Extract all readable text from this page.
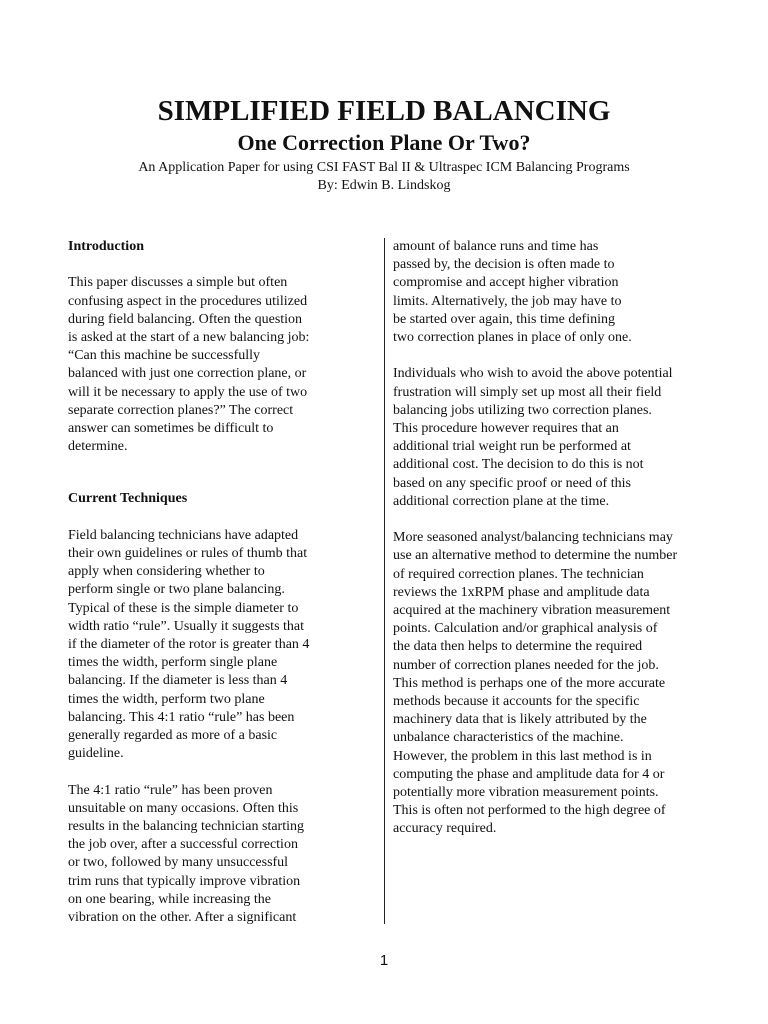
SIMPLIFIED FIELD BALANCING
One Correction Plane Or Two?

An Application Paper for using CSI FAST Bal II & Ultraspec ICM Balancing Programs

By: Edwin B. Lindskog

Introduction

This paper discusses a simple but often

confusing aspect in the procedures utilized

during field balancing. Often the question

is asked at the start of a new balancing job:

“Can this machine be successfully

balanced with just one correction plane, or

will it be necessary to apply the use of two

separate correction planes?” The correct

answer can sometimes be difficult to

determine.

Current Techniques

Field balancing technicians have adapted

their own guidelines or rules of thumb that

apply when considering whether to

perform single or two plane balancing.

Typical of these is the simple diameter to

width ratio “rule”. Usually it suggests that

if the diameter of the rotor is greater than 4

times the width, perform single plane

balancing. If the diameter is less than 4

times the width, perform two plane

balancing. This 4:1 ratio “rule” has been

generally regarded as more of a basic

guideline.

The 4:1 ratio “rule” has been proven

unsuitable on many occasions. Often this

results in the balancing technician starting

the job over, after a successful correction

or two, followed by many unsuccessful

trim runs that typically improve vibration

on one bearing, while increasing the

vibration on the other. After a significant

amount of balance runs and time has

passed by, the decision is often made to

compromise and accept higher vibration

limits. Alternatively, the job may have to

be started over again, this time defining

two correction planes in place of only one.

Individuals who wish to avoid the above potential

frustration will simply set up most all their field

balancing jobs utilizing two correction planes.

This procedure however requires that an

additional trial weight run be performed at

additional cost. The decision to do this is not

based on any specific proof or need of this

additional correction plane at the time.

More seasoned analyst/balancing technicians may

use an alternative method to determine the number

of required correction planes. The technician

reviews the 1xRPM phase and amplitude data

acquired at the machinery vibration measurement

points. Calculation and/or graphical analysis of

the data then helps to determine the required

number of correction planes needed for the job.

This method is perhaps one of the more accurate

methods because it accounts for the specific

machinery data that is likely attributed by the

unbalance characteristics of the machine.

However, the problem in this last method is in

computing the phase and amplitude data for 4 or

potentially more vibration measurement points.

This is often not performed to the high degree of

accuracy required.

1
